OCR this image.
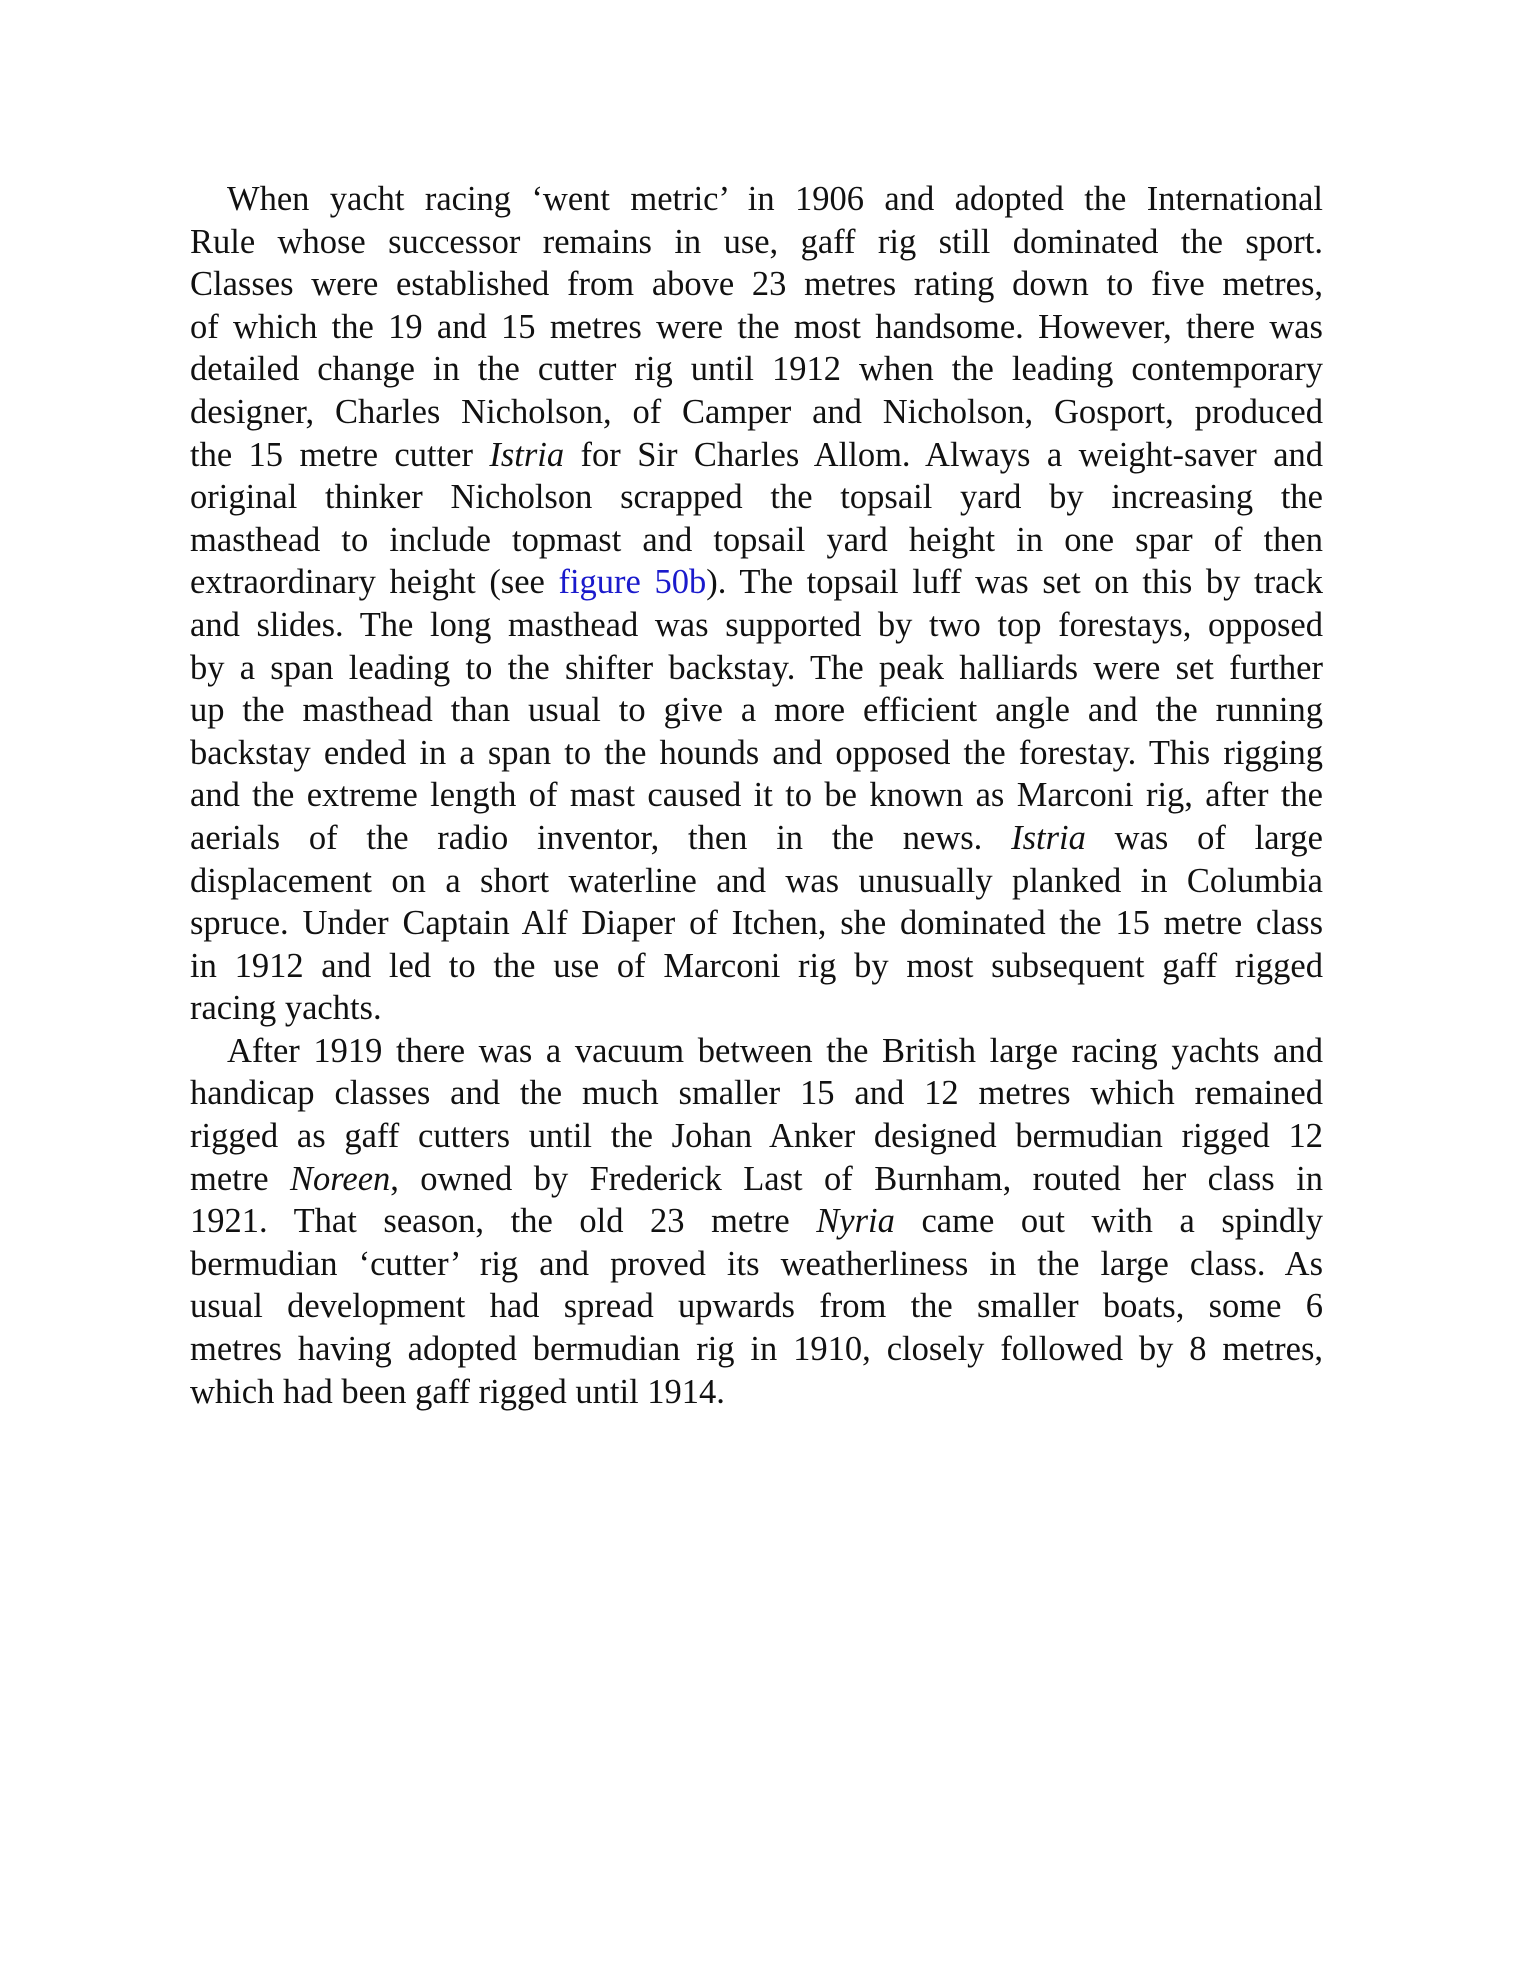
When yacht racing ‘went metric’ in 1906 and adopted the International
Rule whose successor remains in use, gaff rig still dominated the sport.
Classes were established from above 23 metres rating down to five metres,
of which the 19 and 15 metres were the most handsome. However, there was
detailed change in the cutter rig until 1912 when the leading contemporary
designer, Charles Nicholson, of Camper and Nicholson, Gosport, produced
the 15 metre cutter Istria for Sir Charles Allom. Always a weight-saver and
original thinker Nicholson scrapped the topsail yard by increasing the
masthead to include topmast and topsail yard height in one spar of then
extraordinary height (see figure 50b). The topsail luff was set on this by track
and slides. The long masthead was supported by two top forestays, opposed
by a span leading to the shifter backstay. The peak halliards were set further
up the masthead than usual to give a more efficient angle and the running
backstay ended in a span to the hounds and opposed the forestay. This rigging
and the extreme length of mast caused it to be known as Marconi rig, after the
aerials of the radio inventor, then in the news. Istria was of large
displacement on a short waterline and was unusually planked in Columbia
spruce. Under Captain Alf Diaper of Itchen, she dominated the 15 metre class
in 1912 and led to the use of Marconi rig by most subsequent gaff rigged
racing yachts.
After 1919 there was a vacuum between the British large racing yachts and
handicap classes and the much smaller 15 and 12 metres which remained
rigged as gaff cutters until the Johan Anker designed bermudian rigged 12
metre Noreen, owned by Frederick Last of Burnham, routed her class in
1921. That season, the old 23 metre Nyria came out with a spindly
bermudian ‘cutter’ rig and proved its weatherliness in the large class. As
usual development had spread upwards from the smaller boats, some 6
metres having adopted bermudian rig in 1910, closely followed by 8 metres,
which had been gaff rigged until 1914.
